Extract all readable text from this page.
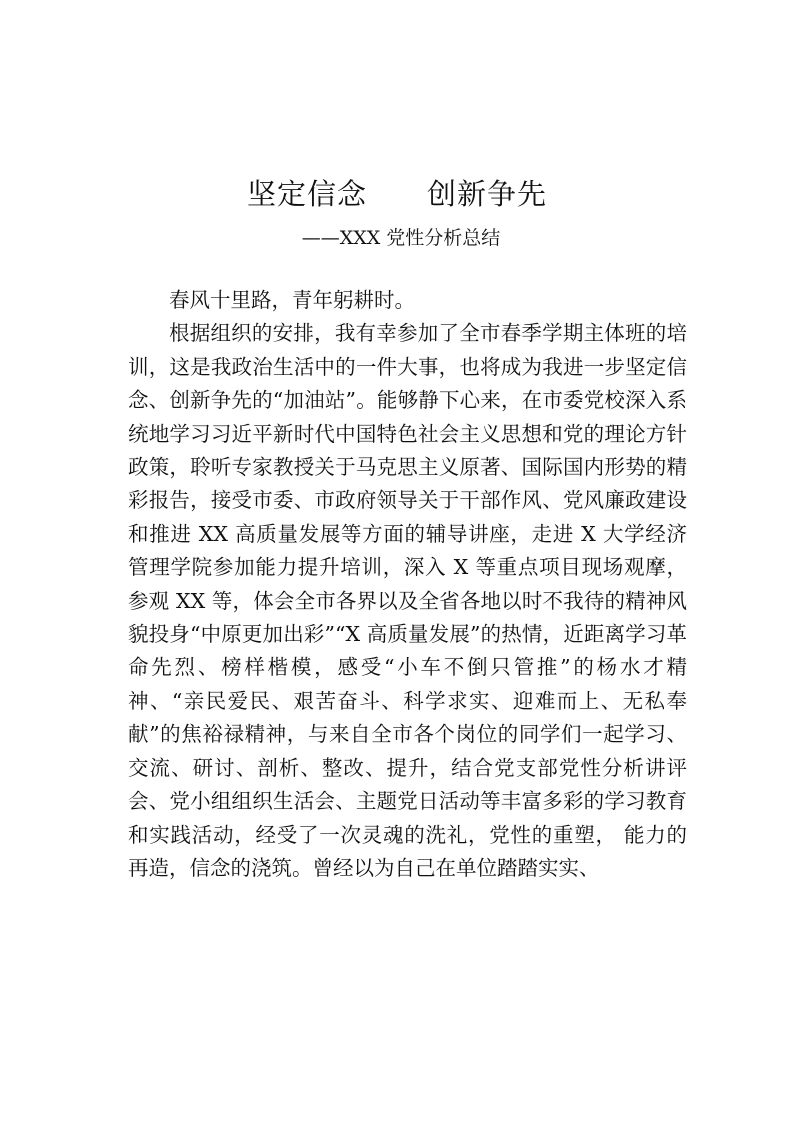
坚定信念　　创新争先
——XXX 党性分析总结

春风十里路，青年躬耕时。

根据组织的安排，我有幸参加了全市春季学期主体班的培训，这是我政治生活中的一件大事，也将成为我进一步坚定信念、创新争先的“加油站”。能够静下心来，在市委党校深入系统地学习习近平新时代中国特色社会主义思想和党的理论方针政策，聆听专家教授关于马克思主义原著、国际国内形势的精彩报告，接受市委、市政府领导关于干部作风、党风廉政建设和推进 XX 高质量发展等方面的辅导讲座，走进 X 大学经济管理学院参加能力提升培训，深入 X 等重点项目现场观摩，参观 XX 等，体会全市各界以及全省各地以时不我待的精神风貌投身“中原更加出彩”“X 高质量发展”的热情，近距离学习革命先烈、榜样楷模，感受“小车不倒只管推”的杨水才精神、“亲民爱民、艰苦奋斗、科学求实、迎难而上、无私奉献”的焦裕禄精神，与来自全市各个岗位的同学们一起学习、交流、研讨、剖析、整改、提升，结合党支部党性分析讲评会、党小组组织生活会、主题党日活动等丰富多彩的学习教育和实践活动，经受了一次灵魂的洗礼，党性的重塑， 能力的再造，信念的浇筑。曾经以为自己在单位踏踏实实、
